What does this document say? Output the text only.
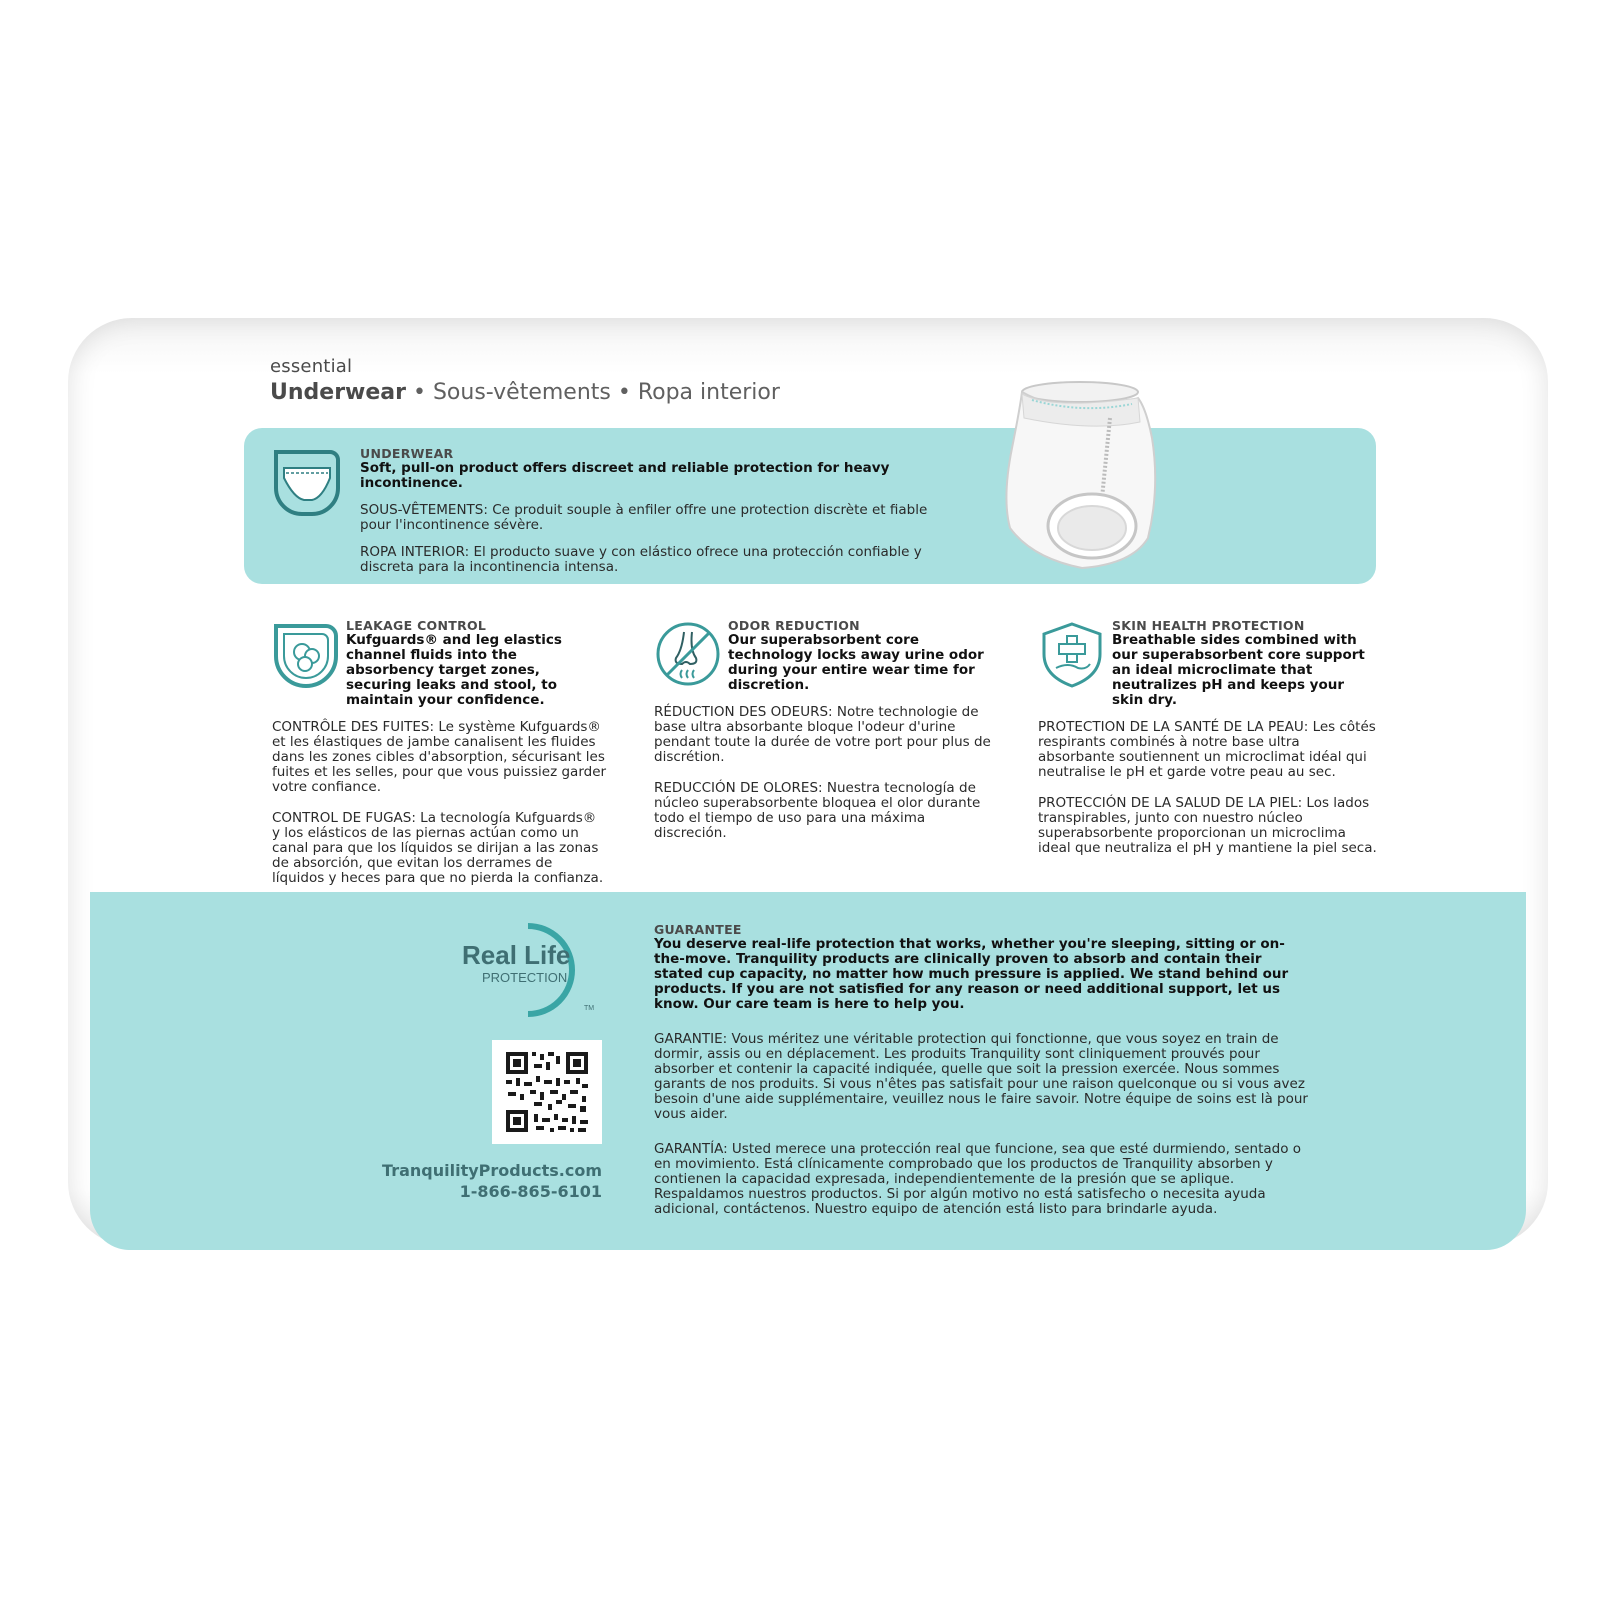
essential
Underwear • Sous-vêtements • Ropa interior
UNDERWEAR

Soft, pull-on product offers discreet and reliable protection for heavy incontinence.

SOUS-VÊTEMENTS: Ce produit souple à enfiler offre une protection discrète et fiable pour l'incontinence sévère.

ROPA INTERIOR: El producto suave y con elástico ofrece una protección confiable y discreta para la incontinencia intensa.

LEAKAGE CONTROL

Kufguards® and leg elastics channel fluids into the absorbency target zones, securing leaks and stool, to maintain your confidence.

CONTRÔLE DES FUITES: Le système Kufguards® et les élastiques de jambe canalisent les fluides dans les zones cibles d'absorption, sécurisant les fuites et les selles, pour que vous puissiez garder votre confiance.

CONTROL DE FUGAS: La tecnología Kufguards® y los elásticos de las piernas actúan como un canal para que los líquidos se dirijan a las zonas de absorción, que evitan los derrames de líquidos y heces para que no pierda la confianza.

ODOR REDUCTION

Our superabsorbent core technology locks away urine odor during your entire wear time for discretion.

RÉDUCTION DES ODEURS: Notre technologie de base ultra absorbante bloque l'odeur d'urine pendant toute la durée de votre port pour plus de discrétion.

REDUCCIÓN DE OLORES: Nuestra tecnología de núcleo superabsorbente bloquea el olor durante todo el tiempo de uso para una máxima discreción.

SKIN HEALTH PROTECTION

Breathable sides combined with our superabsorbent core support an ideal microclimate that neutralizes pH and keeps your skin dry.

PROTECTION DE LA SANTÉ DE LA PEAU: Les côtés respirants combinés à notre base ultra absorbante soutiennent un microclimat idéal qui neutralise le pH et garde votre peau au sec.

PROTECCIÓN DE LA SALUD DE LA PIEL: Los lados transpirables, junto con nuestro núcleo superabsorbente proporcionan un microclima ideal que neutraliza el pH y mantiene la piel seca.

Real Life
PROTECTION
TM
TranquilityProducts.com
1-866-865-6101
GUARANTEE

You deserve real-life protection that works, whether you're sleeping, sitting or on-the-move. Tranquility products are clinically proven to absorb and contain their stated cup capacity, no matter how much pressure is applied. We stand behind our products. If you are not satisfied for any reason or need additional support, let us know. Our care team is here to help you.

GARANTIE: Vous méritez une véritable protection qui fonctionne, que vous soyez en train de dormir, assis ou en déplacement. Les produits Tranquility sont cliniquement prouvés pour absorber et contenir la capacité indiquée, quelle que soit la pression exercée. Nous sommes garants de nos produits. Si vous n'êtes pas satisfait pour une raison quelconque ou si vous avez besoin d'une aide supplémentaire, veuillez nous le faire savoir. Notre équipe de soins est là pour vous aider.

GARANTÍA: Usted merece una protección real que funcione, sea que esté durmiendo, sentado o en movimiento. Está clínicamente comprobado que los productos de Tranquility absorben y contienen la capacidad expresada, independientemente de la presión que se aplique. Respaldamos nuestros productos. Si por algún motivo no está satisfecho o necesita ayuda adicional, contáctenos. Nuestro equipo de atención está listo para brindarle ayuda.
